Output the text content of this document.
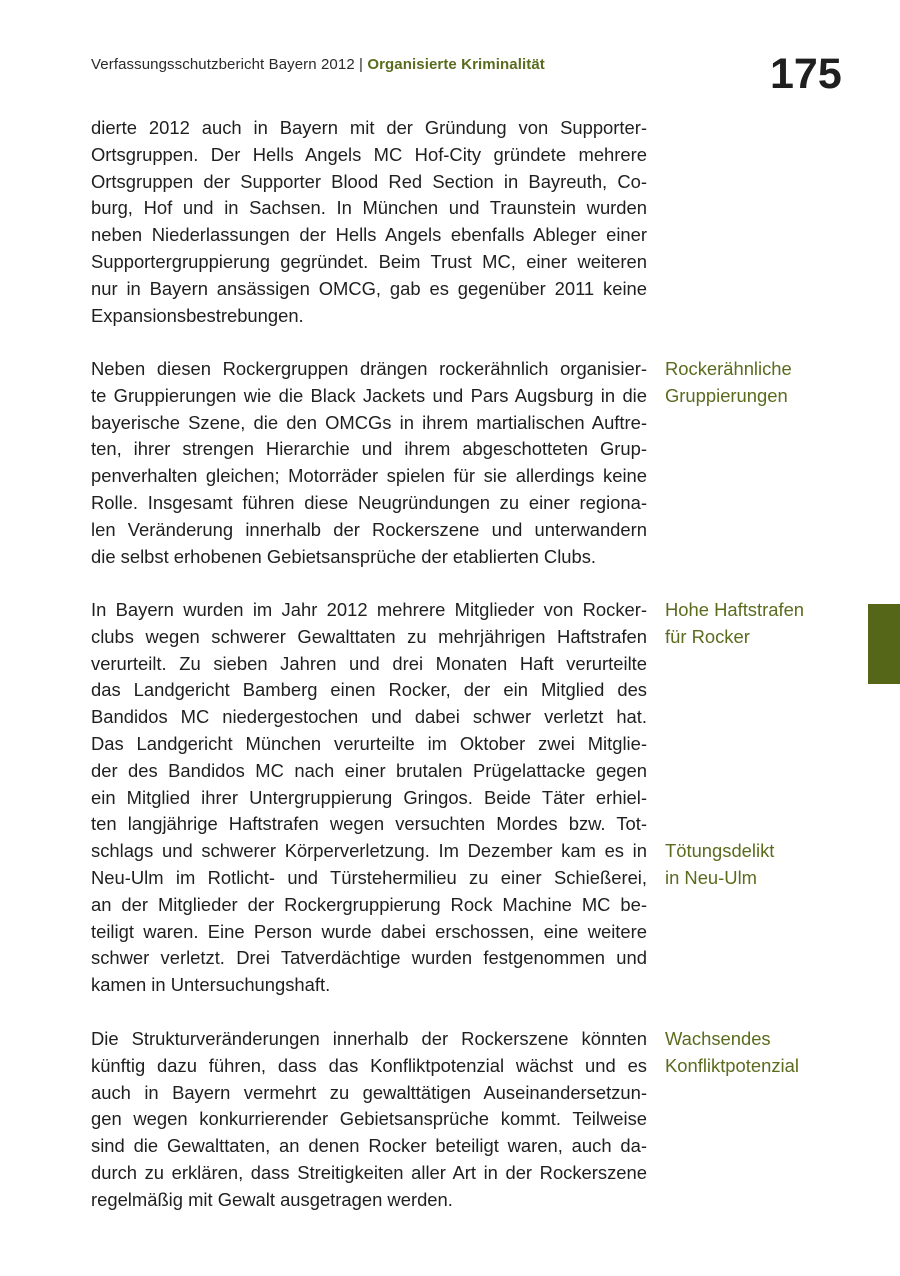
Verfassungsschutzbericht Bayern 2012 | Organisierte Kriminalität	175
dierte 2012 auch in Bayern mit der Gründung von Supporter-
Ortsgruppen. Der Hells Angels MC Hof-City gründete mehrere
Ortsgruppen der Supporter Blood Red Section in Bayreuth, Co-
burg, Hof und in Sachsen. In München und Traunstein wurden
neben Niederlassungen der Hells Angels ebenfalls Ableger einer
Supportergruppierung gegründet. Beim Trust MC, einer weiteren
nur in Bayern ansässigen OMCG, gab es gegenüber 2011 keine
Expansionsbestrebungen.
Neben diesen Rockergruppen drängen rockerähnlich organisier-
te Gruppierungen wie die Black Jackets und Pars Augsburg in die
bayerische Szene, die den OMCGs in ihrem martialischen Auftre-
ten, ihrer strengen Hierarchie und ihrem abgeschotteten Grup-
penverhalten gleichen; Motorräder spielen für sie allerdings keine
Rolle. Insgesamt führen diese Neugründungen zu einer regiona-
len Veränderung innerhalb der Rockerszene und unterwandern
die selbst erhobenen Gebietsansprüche der etablierten Clubs.
In Bayern wurden im Jahr 2012 mehrere Mitglieder von Rocker-
clubs wegen schwerer Gewalttaten zu mehrjährigen Haftstrafen
verurteilt. Zu sieben Jahren und drei Monaten Haft verurteilte
das Landgericht Bamberg einen Rocker, der ein Mitglied des
Bandidos MC niedergestochen und dabei schwer verletzt hat.
Das Landgericht München verurteilte im Oktober zwei Mitglie-
der des Bandidos MC nach einer brutalen Prügelattacke gegen
ein Mitglied ihrer Untergruppierung Gringos. Beide Täter erhiel-
ten langjährige Haftstrafen wegen versuchten Mordes bzw. Tot-
schlags und schwerer Körperverletzung. Im Dezember kam es in
Neu-Ulm im Rotlicht- und Türstehermilieu zu einer Schießerei,
an der Mitglieder der Rockergruppierung Rock Machine MC be-
teiligt waren. Eine Person wurde dabei erschossen, eine weitere
schwer verletzt. Drei Tatverdächtige wurden festgenommen und
kamen in Untersuchungshaft.
Die Strukturveränderungen innerhalb der Rockerszene könnten
künftig dazu führen, dass das Konfliktpotenzial wächst und es
auch in Bayern vermehrt zu gewalttätigen Auseinandersetzun-
gen wegen konkurrierender Gebietsansprüche kommt. Teilweise
sind die Gewalttaten, an denen Rocker beteiligt waren, auch da-
durch zu erklären, dass Streitigkeiten aller Art in der Rockerszene
regelmäßig mit Gewalt ausgetragen werden.
Rockerähnliche
Gruppierungen
Hohe Haftstrafen
für Rocker
Tötungsdelikt
in Neu-Ulm
Wachsendes
Konfliktpotenzial
